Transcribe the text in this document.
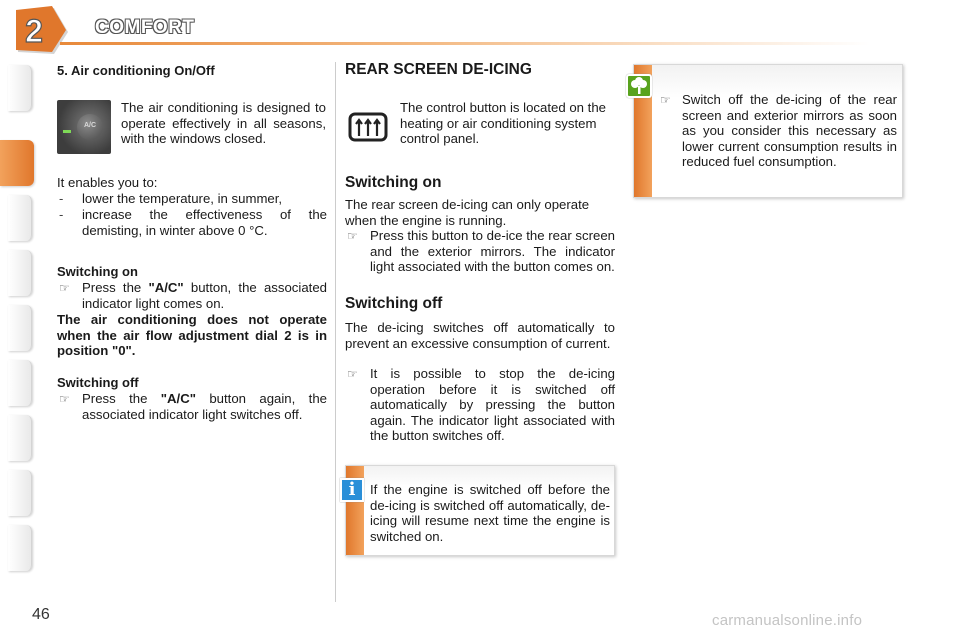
2	COMFORT
5. Air conditioning On/Off
A/C
The air conditioning is designed to operate effectively in all seasons, with the windows closed.
It enables you to:
- lower the temperature, in summer,
- increase the effectiveness of the demisting, in winter above 0 °C.
Switching on
☞ Press the "A/C" button, the associated indicator light comes on.
The air conditioning does not operate when the air flow adjustment dial 2 is in position "0".
Switching off
☞ Press the "A/C" button again, the associated indicator light switches off.
REAR SCREEN DE-ICING
The control button is located on the heating or air conditioning system control panel.
Switching on
The rear screen de-icing can only operate when the engine is running.
☞ Press this button to de-ice the rear screen and the exterior mirrors. The indicator light associated with the button comes on.
Switching off
The de-icing switches off automatically to prevent an excessive consumption of current.
☞ It is possible to stop the de-icing operation before it is switched off automatically by pressing the button again. The indicator light associated with the button switches off.
If the engine is switched off before the de-icing is switched off automatically, de-icing will resume next time the engine is switched on.
i
☞ Switch off the de-icing of the rear screen and exterior mirrors as soon as you consider this necessary as lower current consumption results in reduced fuel consumption.
46	carmanualsonline.info
